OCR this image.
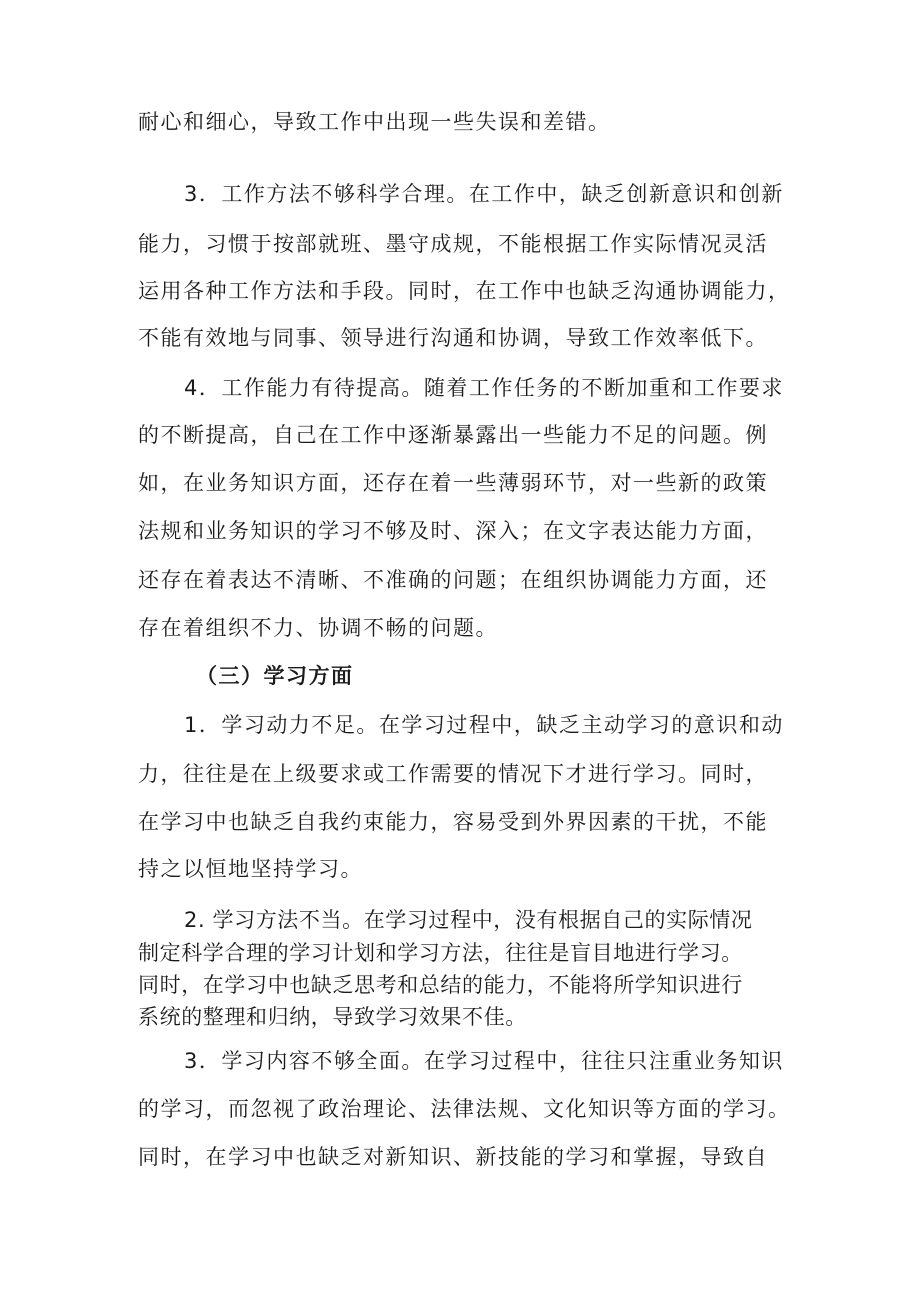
耐心和细心，导致工作中出现一些失误和差错。

3．工作方法不够科学合理。在工作中，缺乏创新意识和创新

能力，习惯于按部就班、墨守成规，不能根据工作实际情况灵活

运用各种工作方法和手段。同时，在工作中也缺乏沟通协调能力，

不能有效地与同事、领导进行沟通和协调，导致工作效率低下。

4．工作能力有待提高。随着工作任务的不断加重和工作要求

的不断提高，自己在工作中逐渐暴露出一些能力不足的问题。例

如，在业务知识方面，还存在着一些薄弱环节，对一些新的政策

法规和业务知识的学习不够及时、深入；在文字表达能力方面，

还存在着表达不清晰、不准确的问题；在组织协调能力方面，还

存在着组织不力、协调不畅的问题。

（三）学习方面

1．学习动力不足。在学习过程中，缺乏主动学习的意识和动

力，往往是在上级要求或工作需要的情况下才进行学习。同时，

在学习中也缺乏自我约束能力，容易受到外界因素的干扰，不能

持之以恒地坚持学习。

2. 学习方法不当。在学习过程中，没有根据自己的实际情况

制定科学合理的学习计划和学习方法，往往是盲目地进行学习。

同时，在学习中也缺乏思考和总结的能力，不能将所学知识进行

系统的整理和归纳，导致学习效果不佳。

3．学习内容不够全面。在学习过程中，往往只注重业务知识

的学习，而忽视了政治理论、法律法规、文化知识等方面的学习。

同时，在学习中也缺乏对新知识、新技能的学习和掌握，导致自
